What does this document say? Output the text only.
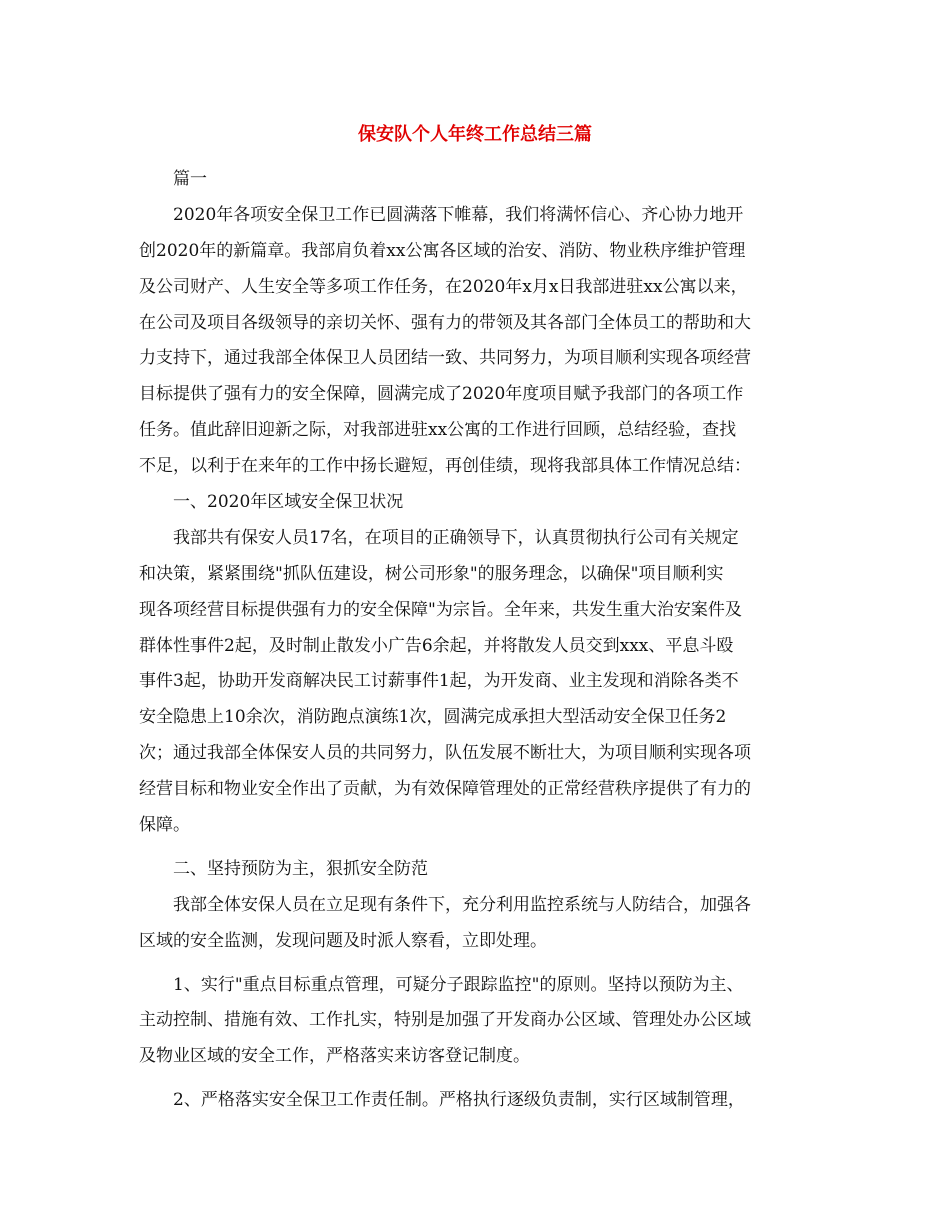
保安队个人年终工作总结三篇
篇一
2020年各项安全保卫工作已圆满落下帷幕，我们将满怀信心、齐心协力地开
创2020年的新篇章。我部肩负着xx公寓各区域的治安、消防、物业秩序维护管理
及公司财产、人生安全等多项工作任务，在2020年x月x日我部进驻xx公寓以来，
在公司及项目各级领导的亲切关怀、强有力的带领及其各部门全体员工的帮助和大
力支持下，通过我部全体保卫人员团结一致、共同努力，为项目顺利实现各项经营
目标提供了强有力的安全保障，圆满完成了2020年度项目赋予我部门的各项工作
任务。值此辞旧迎新之际，对我部进驻xx公寓的工作进行回顾，总结经验，查找
不足，以利于在来年的工作中扬长避短，再创佳绩，现将我部具体工作情况总结：
一、2020年区域安全保卫状况
我部共有保安人员17名，在项目的正确领导下，认真贯彻执行公司有关规定
和决策，紧紧围绕"抓队伍建设，树公司形象"的服务理念，以确保"项目顺利实
现各项经营目标提供强有力的安全保障"为宗旨。全年来，共发生重大治安案件及
群体性事件2起，及时制止散发小广告6余起，并将散发人员交到xxx、平息斗殴
事件3起，协助开发商解决民工讨薪事件1起，为开发商、业主发现和消除各类不
安全隐患上10余次，消防跑点演练1次，圆满完成承担大型活动安全保卫任务2
次；通过我部全体保安人员的共同努力，队伍发展不断壮大，为项目顺利实现各项
经营目标和物业安全作出了贡献，为有效保障管理处的正常经营秩序提供了有力的
保障。
二、坚持预防为主，狠抓安全防范
我部全体安保人员在立足现有条件下，充分利用监控系统与人防结合，加强各
区域的安全监测，发现问题及时派人察看，立即处理。
1、实行"重点目标重点管理，可疑分子跟踪监控"的原则。坚持以预防为主、
主动控制、措施有效、工作扎实，特别是加强了开发商办公区域、管理处办公区域
及物业区域的安全工作，严格落实来访客登记制度。
2、严格落实安全保卫工作责任制。严格执行逐级负责制，实行区域制管理，
